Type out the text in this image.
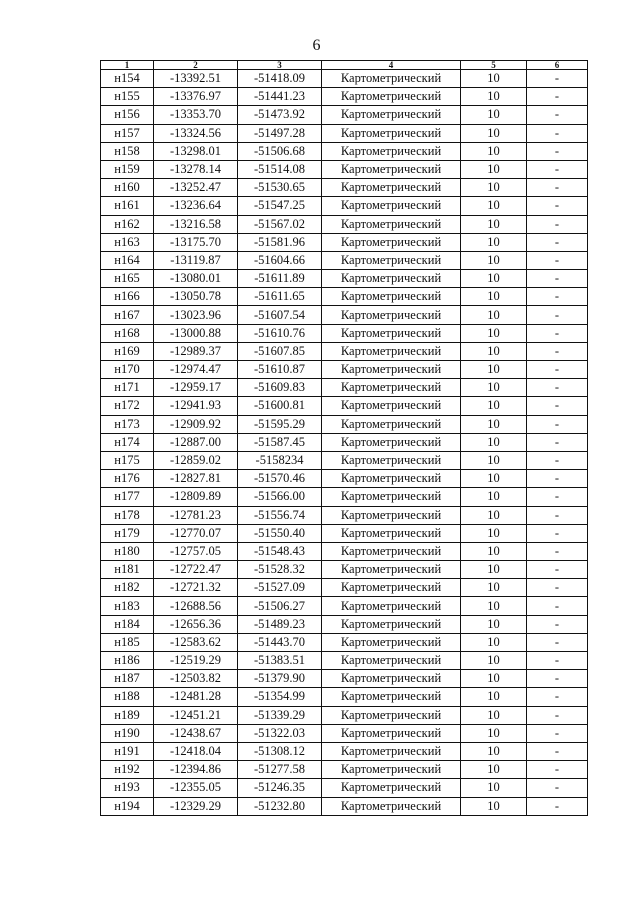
6
1	2	3	4	5	6
н154	-13392.51	-51418.09	Картометрический	10	-
н155	-13376.97	-51441.23	Картометрический	10	-
н156	-13353.70	-51473.92	Картометрический	10	-
н157	-13324.56	-51497.28	Картометрический	10	-
н158	-13298.01	-51506.68	Картометрический	10	-
н159	-13278.14	-51514.08	Картометрический	10	-
н160	-13252.47	-51530.65	Картометрический	10	-
н161	-13236.64	-51547.25	Картометрический	10	-
н162	-13216.58	-51567.02	Картометрический	10	-
н163	-13175.70	-51581.96	Картометрический	10	-
н164	-13119.87	-51604.66	Картометрический	10	-
н165	-13080.01	-51611.89	Картометрический	10	-
н166	-13050.78	-51611.65	Картометрический	10	-
н167	-13023.96	-51607.54	Картометрический	10	-
н168	-13000.88	-51610.76	Картометрический	10	-
н169	-12989.37	-51607.85	Картометрический	10	-
н170	-12974.47	-51610.87	Картометрический	10	-
н171	-12959.17	-51609.83	Картометрический	10	-
н172	-12941.93	-51600.81	Картометрический	10	-
н173	-12909.92	-51595.29	Картометрический	10	-
н174	-12887.00	-51587.45	Картометрический	10	-
н175	-12859.02	-5158234	Картометрический	10	-
н176	-12827.81	-51570.46	Картометрический	10	-
н177	-12809.89	-51566.00	Картометрический	10	-
н178	-12781.23	-51556.74	Картометрический	10	-
н179	-12770.07	-51550.40	Картометрический	10	-
н180	-12757.05	-51548.43	Картометрический	10	-
н181	-12722.47	-51528.32	Картометрический	10	-
н182	-12721.32	-51527.09	Картометрический	10	-
н183	-12688.56	-51506.27	Картометрический	10	-
н184	-12656.36	-51489.23	Картометрический	10	-
н185	-12583.62	-51443.70	Картометрический	10	-
н186	-12519.29	-51383.51	Картометрический	10	-
н187	-12503.82	-51379.90	Картометрический	10	-
н188	-12481.28	-51354.99	Картометрический	10	-
н189	-12451.21	-51339.29	Картометрический	10	-
н190	-12438.67	-51322.03	Картометрический	10	-
н191	-12418.04	-51308.12	Картометрический	10	-
н192	-12394.86	-51277.58	Картометрический	10	-
н193	-12355.05	-51246.35	Картометрический	10	-
н194	-12329.29	-51232.80	Картометрический	10	-
